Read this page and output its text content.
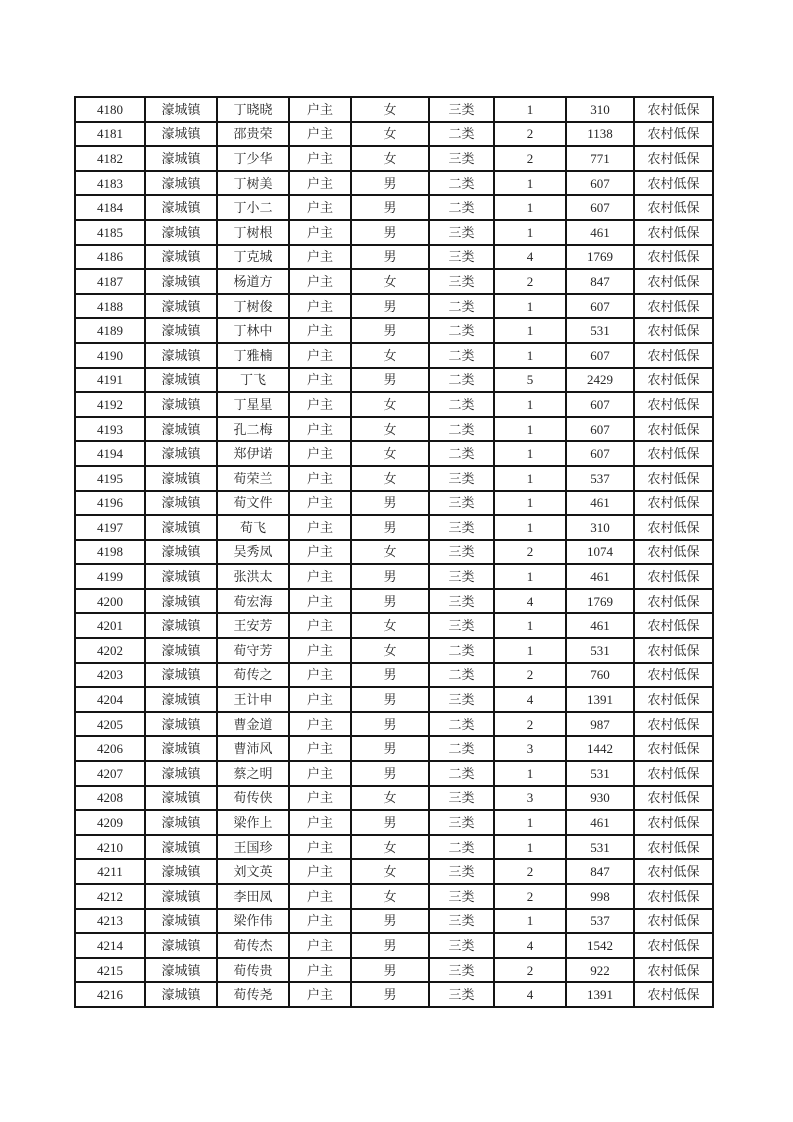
4180	濠城镇	丁晓晓	户主	女	三类	1	310	农村低保
4181	濠城镇	邵贵荣	户主	女	二类	2	1138	农村低保
4182	濠城镇	丁少华	户主	女	三类	2	771	农村低保
4183	濠城镇	丁树美	户主	男	二类	1	607	农村低保
4184	濠城镇	丁小二	户主	男	二类	1	607	农村低保
4185	濠城镇	丁树根	户主	男	三类	1	461	农村低保
4186	濠城镇	丁克城	户主	男	三类	4	1769	农村低保
4187	濠城镇	杨道方	户主	女	三类	2	847	农村低保
4188	濠城镇	丁树俊	户主	男	二类	1	607	农村低保
4189	濠城镇	丁林中	户主	男	二类	1	531	农村低保
4190	濠城镇	丁雅楠	户主	女	二类	1	607	农村低保
4191	濠城镇	丁飞	户主	男	二类	5	2429	农村低保
4192	濠城镇	丁星星	户主	女	二类	1	607	农村低保
4193	濠城镇	孔二梅	户主	女	二类	1	607	农村低保
4194	濠城镇	郑伊诺	户主	女	二类	1	607	农村低保
4195	濠城镇	荀荣兰	户主	女	三类	1	537	农村低保
4196	濠城镇	荀文件	户主	男	三类	1	461	农村低保
4197	濠城镇	荀飞	户主	男	三类	1	310	农村低保
4198	濠城镇	吴秀凤	户主	女	三类	2	1074	农村低保
4199	濠城镇	张洪太	户主	男	三类	1	461	农村低保
4200	濠城镇	荀宏海	户主	男	三类	4	1769	农村低保
4201	濠城镇	王安芳	户主	女	三类	1	461	农村低保
4202	濠城镇	荀守芳	户主	女	二类	1	531	农村低保
4203	濠城镇	荀传之	户主	男	二类	2	760	农村低保
4204	濠城镇	王计申	户主	男	三类	4	1391	农村低保
4205	濠城镇	曹金道	户主	男	二类	2	987	农村低保
4206	濠城镇	曹沛风	户主	男	二类	3	1442	农村低保
4207	濠城镇	蔡之明	户主	男	二类	1	531	农村低保
4208	濠城镇	荀传侠	户主	女	三类	3	930	农村低保
4209	濠城镇	梁作上	户主	男	三类	1	461	农村低保
4210	濠城镇	王国珍	户主	女	二类	1	531	农村低保
4211	濠城镇	刘文英	户主	女	三类	2	847	农村低保
4212	濠城镇	李田凤	户主	女	三类	2	998	农村低保
4213	濠城镇	梁作伟	户主	男	三类	1	537	农村低保
4214	濠城镇	荀传杰	户主	男	三类	4	1542	农村低保
4215	濠城镇	荀传贵	户主	男	三类	2	922	农村低保
4216	濠城镇	荀传尧	户主	男	三类	4	1391	农村低保
